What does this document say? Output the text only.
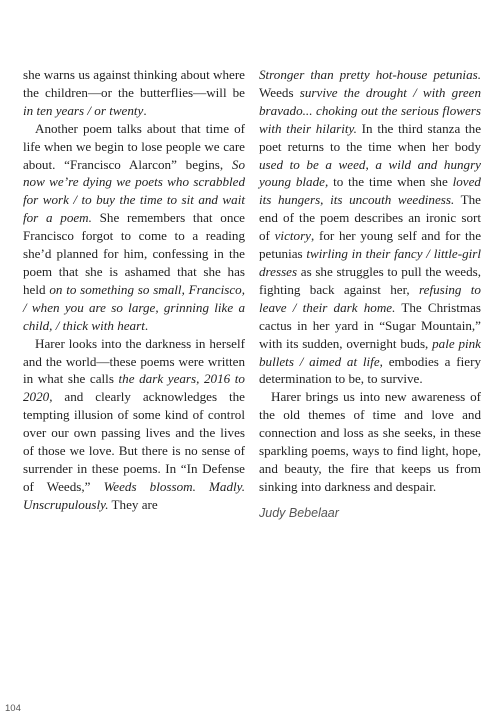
she warns us against thinking about where the children—or the butterflies—will be in ten years / or twenty.

Another poem talks about that time of life when we begin to lose people we care about. “Francisco Alarcon” begins, So now we’re dying we poets who scrabbled for work / to buy the time to sit and wait for a poem. She remembers that once Francisco forgot to come to a reading she’d planned for him, confessing in the poem that she is ashamed that she has held on to something so small, Francisco, / when you are so large, grinning like a child, / thick with heart.

Harer looks into the darkness in herself and the world—these poems were written in what she calls the dark years, 2016 to 2020, and clearly acknowledges the tempting illusion of some kind of control over our own passing lives and the lives of those we love. But there is no sense of surrender in these poems. In “In Defense of Weeds,” Weeds blossom. Madly. Unscrupulously. They are

Stronger than pretty hot-house petunias. Weeds survive the drought / with green bravado... choking out the serious flowers with their hilarity. In the third stanza the poet returns to the time when her body used to be a weed, a wild and hungry young blade, to the time when she loved its hungers, its uncouth weediness. The end of the poem describes an ironic sort of victory, for her young self and for the petunias twirling in their fancy / little-girl dresses as she struggles to pull the weeds, fighting back against her, refusing to leave / their dark home. The Christmas cactus in her yard in “Sugar Mountain,” with its sudden, overnight buds, pale pink bullets / aimed at life, embodies a fiery determination to be, to survive.

Harer brings us into new awareness of the old themes of time and love and connection and loss as she seeks, in these sparkling poems, ways to find light, hope, and beauty, the fire that keeps us from sinking into darkness and despair.

Judy Bebelaar
104
